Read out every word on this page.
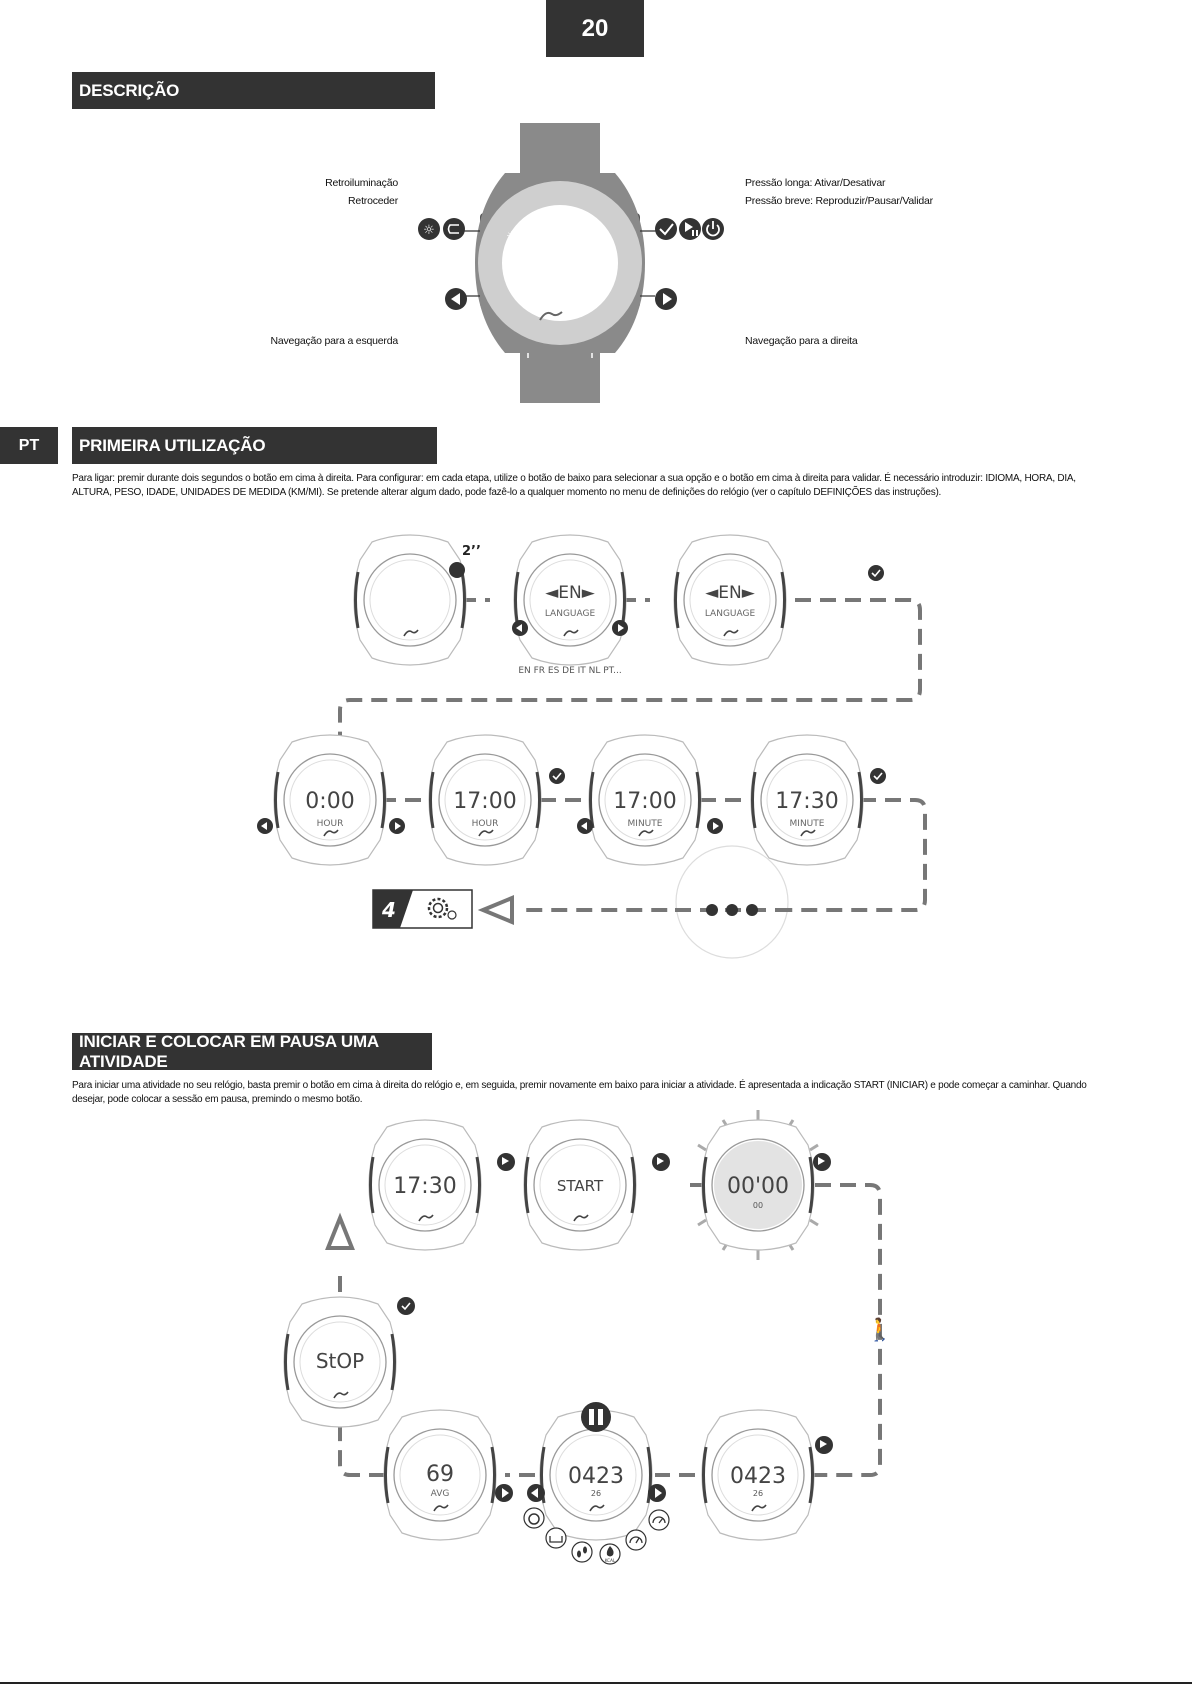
20
DESCRIÇÃO
Retroiluminação
Retroceder
Navegação para a esquerda
Pressão longa: Ativar/Desativar
Pressão breve: Reproduzir/Pausar/Validar
Navegação para a direita
☼
☼
PT	PRIMEIRA UTILIZAÇÃO
Para ligar: premir durante dois segundos o botão em cima à direita. Para configurar: em cada etapa, utilize o botão de baixo para selecionar a sua opção e o botão em cima à direita para validar. É necessário introduzir: IDIOMA, HORA, DIA,
ALTURA, PESO, IDADE, UNIDADES DE MEDIDA (KM/MI). Se pretende alterar algum dado, pode fazê-lo a qualquer momento no menu de definições do relógio (ver o capítulo DEFINIÇÕES das instruções).
2’’
◄EN►
LANGUAGE
EN FR ES DE IT NL PT...
◄EN►
LANGUAGE
0:00
HOUR
17:00
HOUR
17:00
MINUTE
17:30
MINUTE
4
INICIAR E COLOCAR EM PAUSA UMA ATIVIDADE
Para iniciar uma atividade no seu relógio, basta premir o botão em cima à direita do relógio e, em seguida, premir novamente em baixo para iniciar a atividade. É apresentada a indicação START (INICIAR) e pode começar a caminhar. Quando
desejar, pode colocar a sessão em pausa, premindo o mesmo botão.
17:30	START	00'00
00
🚶
StOP
69
AVG
0423
26
KCAL
0423
26
